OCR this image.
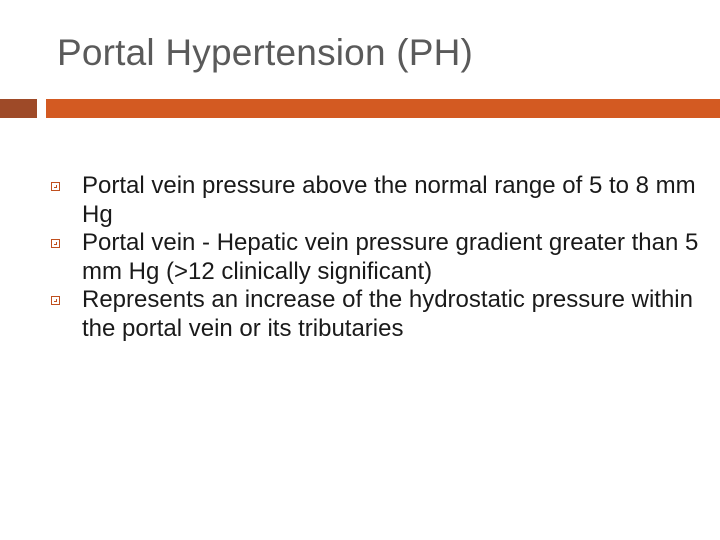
Portal Hypertension (PH)
Portal vein pressure above the normal range of 5 to 8 mm Hg
Portal vein - Hepatic vein pressure gradient greater than 5 mm Hg (>12 clinically significant)
Represents an increase of the hydrostatic pressure within the portal vein or its tributaries
